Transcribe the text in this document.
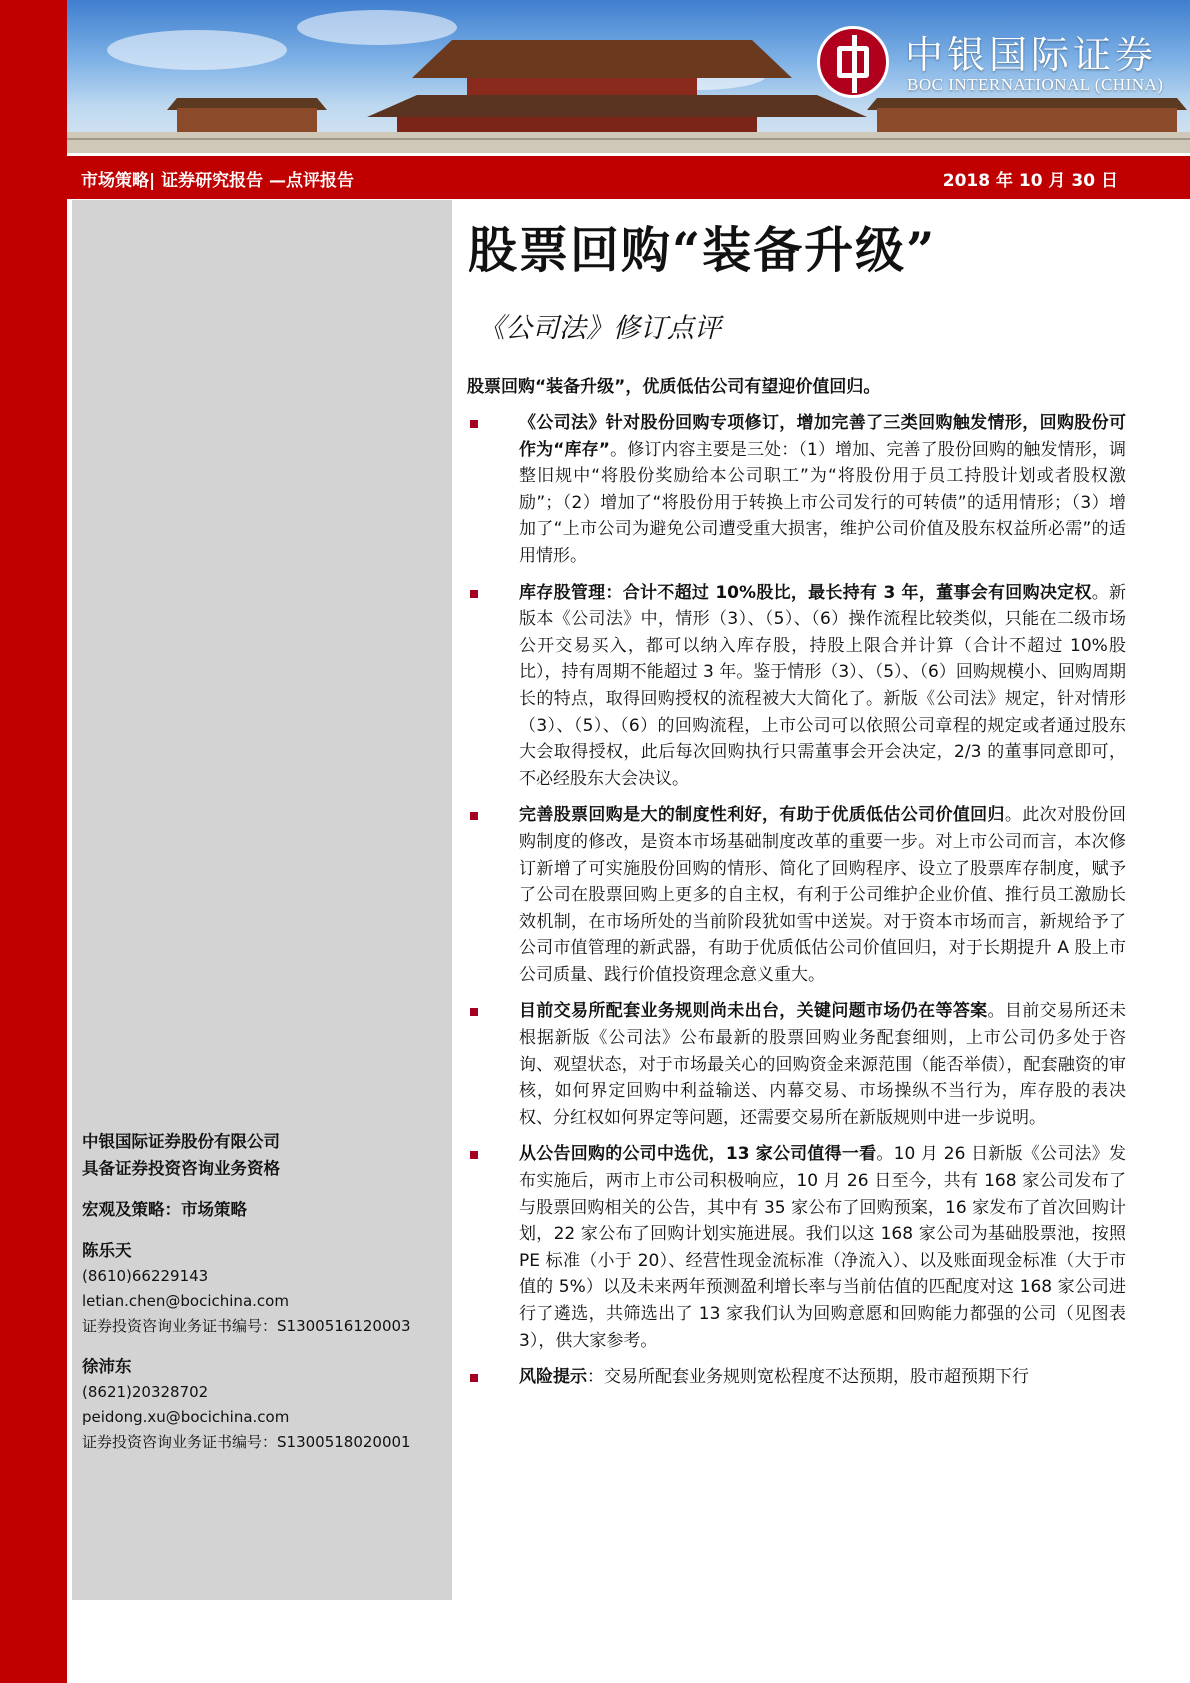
中银国际证券
BOC INTERNATIONAL (CHINA)
市场策略| 证券研究报告 —点评报告	2018 年 10 月 30 日
中银国际证券股份有限公司
具备证券投资咨询业务资格
宏观及策略：市场策略
陈乐天
(8610)66229143
letian.chen@bocichina.com
证券投资咨询业务证书编号：S1300516120003
徐沛东
(8621)20328702
peidong.xu@bocichina.com
证券投资咨询业务证书编号：S1300518020001
股票回购“装备升级”
《公司法》修订点评
股票回购“装备升级”，优质低估公司有望迎价值回归。
《公司法》针对股份回购专项修订，增加完善了三类回购触发情形，回购股份可作为“库存”。修订内容主要是三处：（1）增加、完善了股份回购的触发情形，调整旧规中“将股份奖励给本公司职工”为“将股份用于员工持股计划或者股权激励”；（2）增加了“将股份用于转换上市公司发行的可转债”的适用情形；（3）增加了“上市公司为避免公司遭受重大损害，维护公司价值及股东权益所必需”的适用情形。
库存股管理：合计不超过 10%股比，最长持有 3 年，董事会有回购决定权。新版本《公司法》中，情形（3）、（5）、（6）操作流程比较类似，只能在二级市场公开交易买入，都可以纳入库存股，持股上限合并计算（合计不超过 10%股比），持有周期不能超过 3 年。鉴于情形（3）、（5）、（6）回购规模小、回购周期长的特点，取得回购授权的流程被大大简化了。新版《公司法》规定，针对情形（3）、（5）、（6）的回购流程，上市公司可以依照公司章程的规定或者通过股东大会取得授权，此后每次回购执行只需董事会开会决定，2/3 的董事同意即可，不必经股东大会决议。
完善股票回购是大的制度性利好，有助于优质低估公司价值回归。此次对股份回购制度的修改，是资本市场基础制度改革的重要一步。对上市公司而言，本次修订新增了可实施股份回购的情形、简化了回购程序、设立了股票库存制度，赋予了公司在股票回购上更多的自主权，有利于公司维护企业价值、推行员工激励长效机制，在市场所处的当前阶段犹如雪中送炭。对于资本市场而言，新规给予了公司市值管理的新武器，有助于优质低估公司价值回归，对于长期提升 A 股上市公司质量、践行价值投资理念意义重大。
目前交易所配套业务规则尚未出台，关键问题市场仍在等答案。目前交易所还未根据新版《公司法》公布最新的股票回购业务配套细则，上市公司仍多处于咨询、观望状态，对于市场最关心的回购资金来源范围（能否举债），配套融资的审核，如何界定回购中利益输送、内幕交易、市场操纵不当行为，库存股的表决权、分红权如何界定等问题，还需要交易所在新版规则中进一步说明。
从公告回购的公司中选优，13 家公司值得一看。10 月 26 日新版《公司法》发布实施后，两市上市公司积极响应，10 月 26 日至今，共有 168 家公司发布了与股票回购相关的公告，其中有 35 家公布了回购预案，16 家发布了首次回购计划，22 家公布了回购计划实施进展。我们以这 168 家公司为基础股票池，按照 PE 标准（小于 20）、经营性现金流标准（净流入）、以及账面现金标准（大于市值的 5%）以及未来两年预测盈利增长率与当前估值的匹配度对这 168 家公司进行了遴选，共筛选出了 13 家我们认为回购意愿和回购能力都强的公司（见图表 3），供大家参考。
风险提示：交易所配套业务规则宽松程度不达预期，股市超预期下行
